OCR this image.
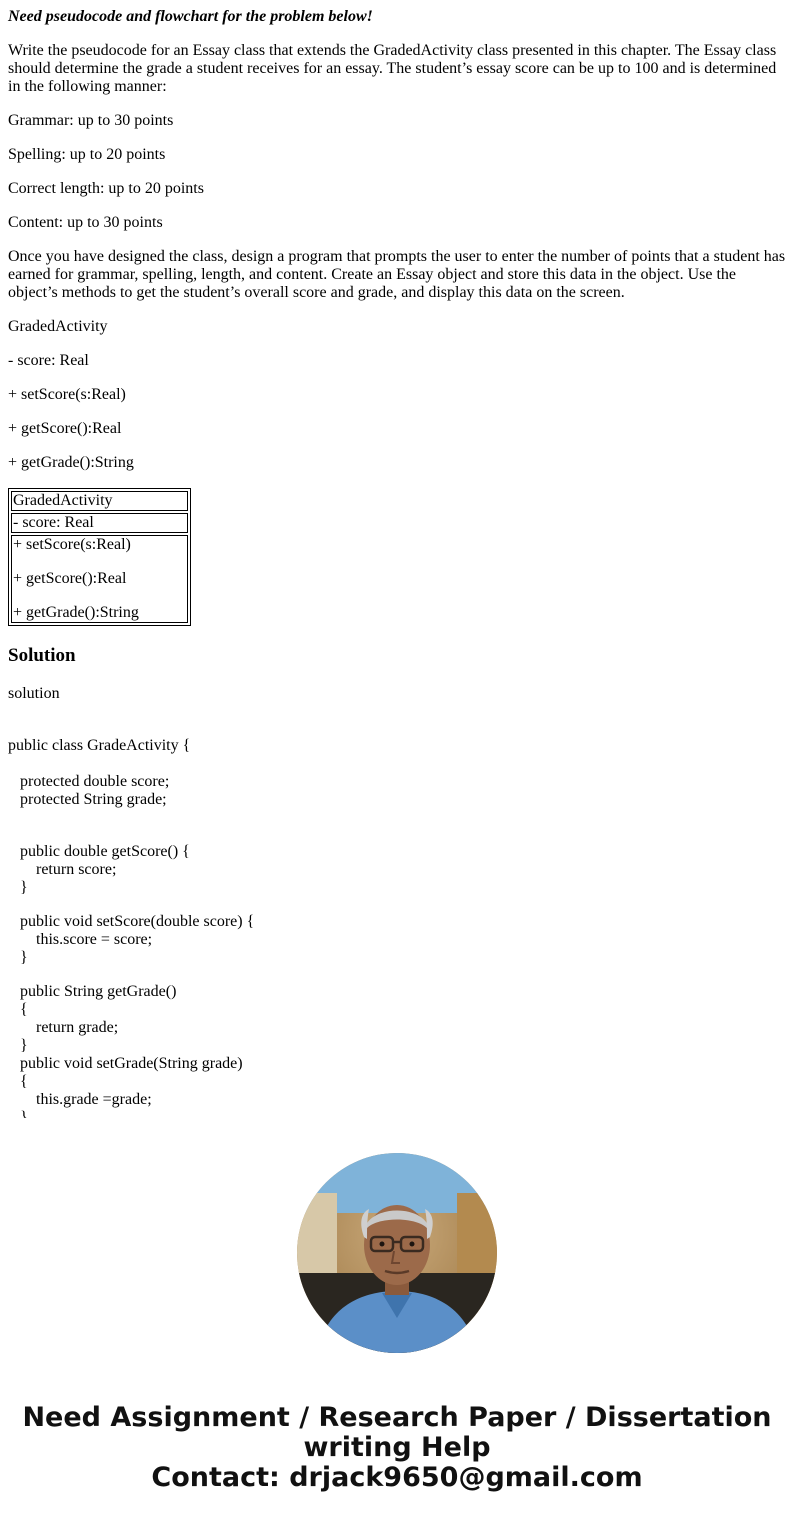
Need pseudocode and flowchart for the problem below!

Write the pseudocode for an Essay class that extends the GradedActivity class presented in this chapter. The Essay class should determine the grade a student receives for an essay. The student’s essay score can be up to 100 and is determined in the following manner:

Grammar: up to 30 points

Spelling: up to 20 points

Correct length: up to 20 points

Content: up to 30 points

Once you have designed the class, design a program that prompts the user to enter the number of points that a student has earned for grammar, spelling, length, and content. Create an Essay object and store this data in the object. Use the object’s methods to get the student’s overall score and grade, and display this data on the screen.

GradedActivity

- score: Real

+ setScore(s:Real)

+ getScore():Real

+ getGrade():String

GradedActivity
- score: Real

+ setScore(s:Real)
+ getScore():Real
+ getGrade():String
Solution

solution

public class GradeActivity {
protected double score;
protected String grade;
public double getScore() {
return score;
}
public void setScore(double score) {
this.score = score;
}
public String getGrade()
{
return grade;
}
public void setGrade(String grade)
{
this.grade =grade;
Need Assignment / Research Paper / Dissertation
writing Help
Contact: drjack9650@gmail.com
